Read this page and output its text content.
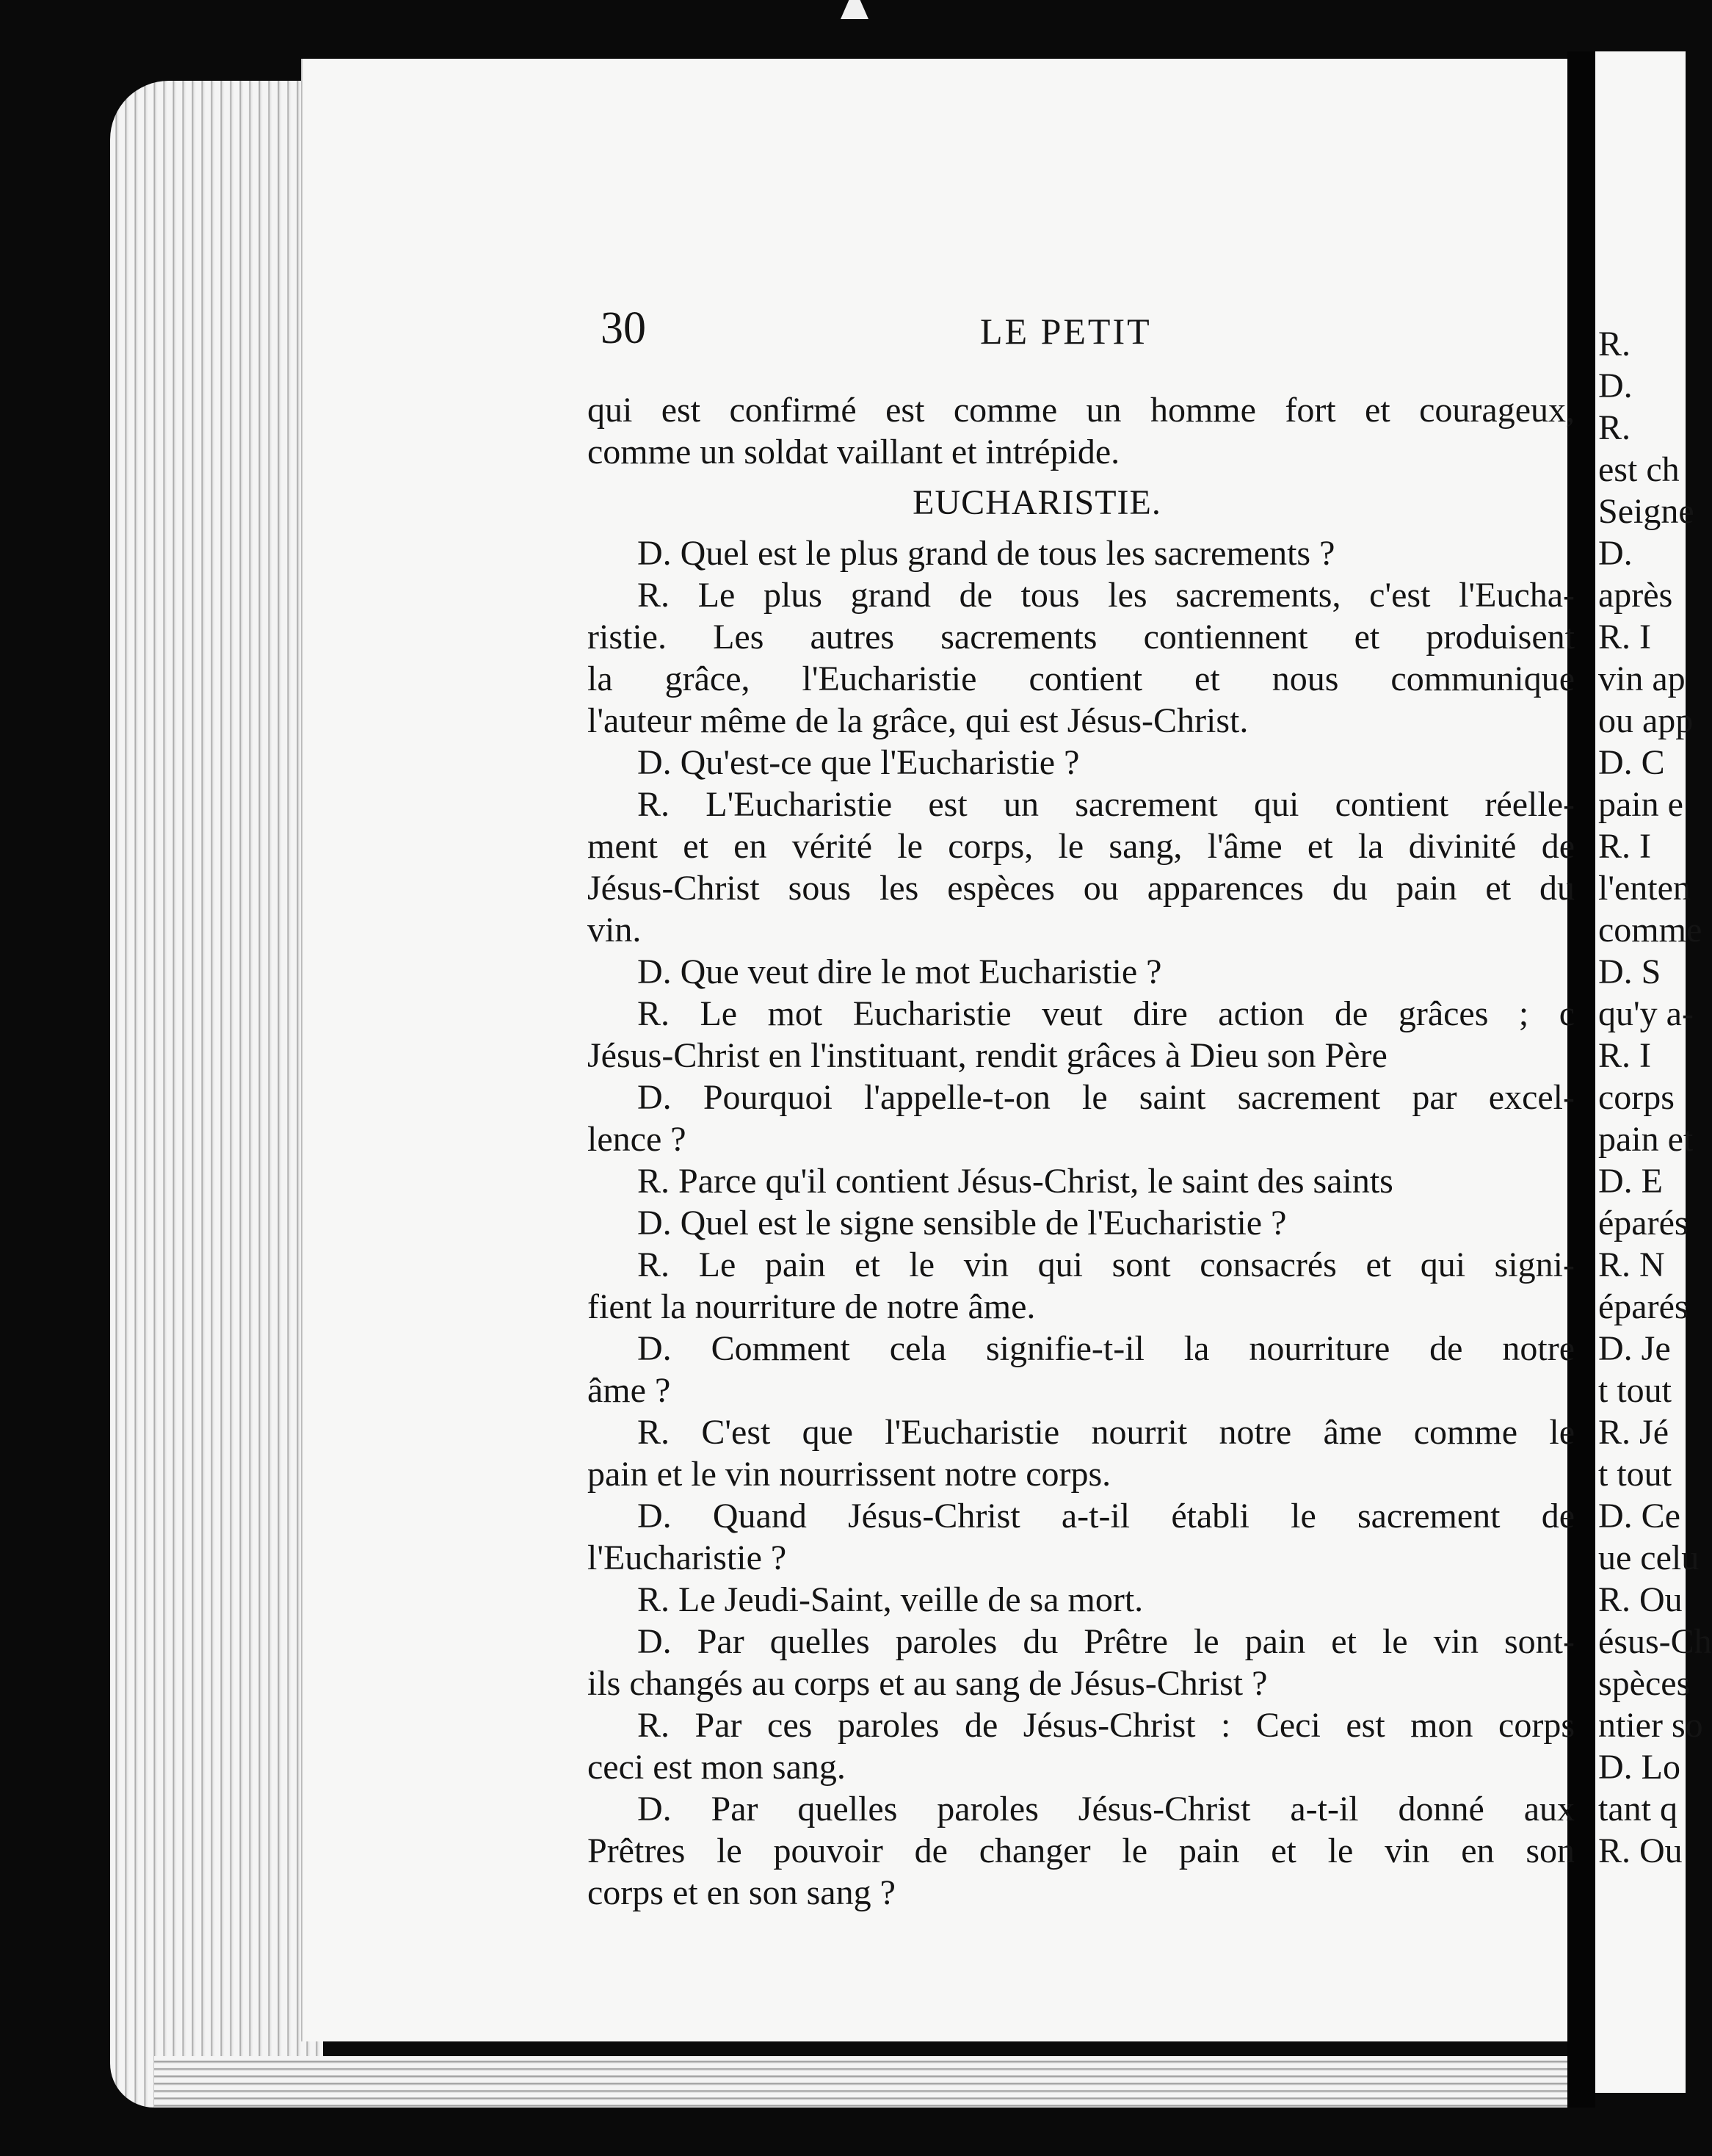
30	LE PETIT
qui est confirmé est comme un homme fort et courageux,
comme un soldat vaillant et intrépide.
EUCHARISTIE.
D. Quel est le plus grand de tous les sacrements ?
R. Le plus grand de tous les sacrements, c'est l'Eucha-
ristie. Les autres sacrements contiennent et produisent
la grâce, l'Eucharistie contient et nous communique
l'auteur même de la grâce, qui est Jésus-Christ.
D. Qu'est-ce que l'Eucharistie ?
R. L'Eucharistie est un sacrement qui contient réelle-
ment et en vérité le corps, le sang, l'âme et la divinité de
Jésus-Christ sous les espèces ou apparences du pain et du
vin.
D. Que veut dire le mot Eucharistie ?
R. Le mot Eucharistie veut dire action de grâces ; c
Jésus-Christ en l'instituant, rendit grâces à Dieu son Père
D. Pourquoi l'appelle-t-on le saint sacrement par excel-
lence ?
R. Parce qu'il contient Jésus-Christ, le saint des saints
D. Quel est le signe sensible de l'Eucharistie ?
R. Le pain et le vin qui sont consacrés et qui signi-
fient la nourriture de notre âme.
D. Comment cela signifie-t-il la nourriture de notre
âme ?
R. C'est que l'Eucharistie nourrit notre âme comme le
pain et le vin nourrissent notre corps.
D. Quand Jésus-Christ a-t-il établi le sacrement de
l'Eucharistie ?
R. Le Jeudi-Saint, veille de sa mort.
D. Par quelles paroles du Prêtre le pain et le vin sont-
ils changés au corps et au sang de Jésus-Christ ?
R. Par ces paroles de Jésus-Christ : Ceci est mon corps
ceci est mon sang.
D. Par quelles paroles Jésus-Christ a-t-il donné aux
Prêtres le pouvoir de changer le pain et le vin en son
corps et en son sang ?
R.
D.
R.
est ch
Seigne
D.
après
R. I
vin ap
ou app
D. C
pain e
R. I
l'enten
comme
D. S
qu'y a-
R. I
corps
pain et
D. E
éparés
R. N
éparés
D. Je
t tout
R. Jé
t tout
D. Ce
ue celu
R. Ou
ésus-Ch
spèces
ntier so
D. Lo
tant q
R. Ou
